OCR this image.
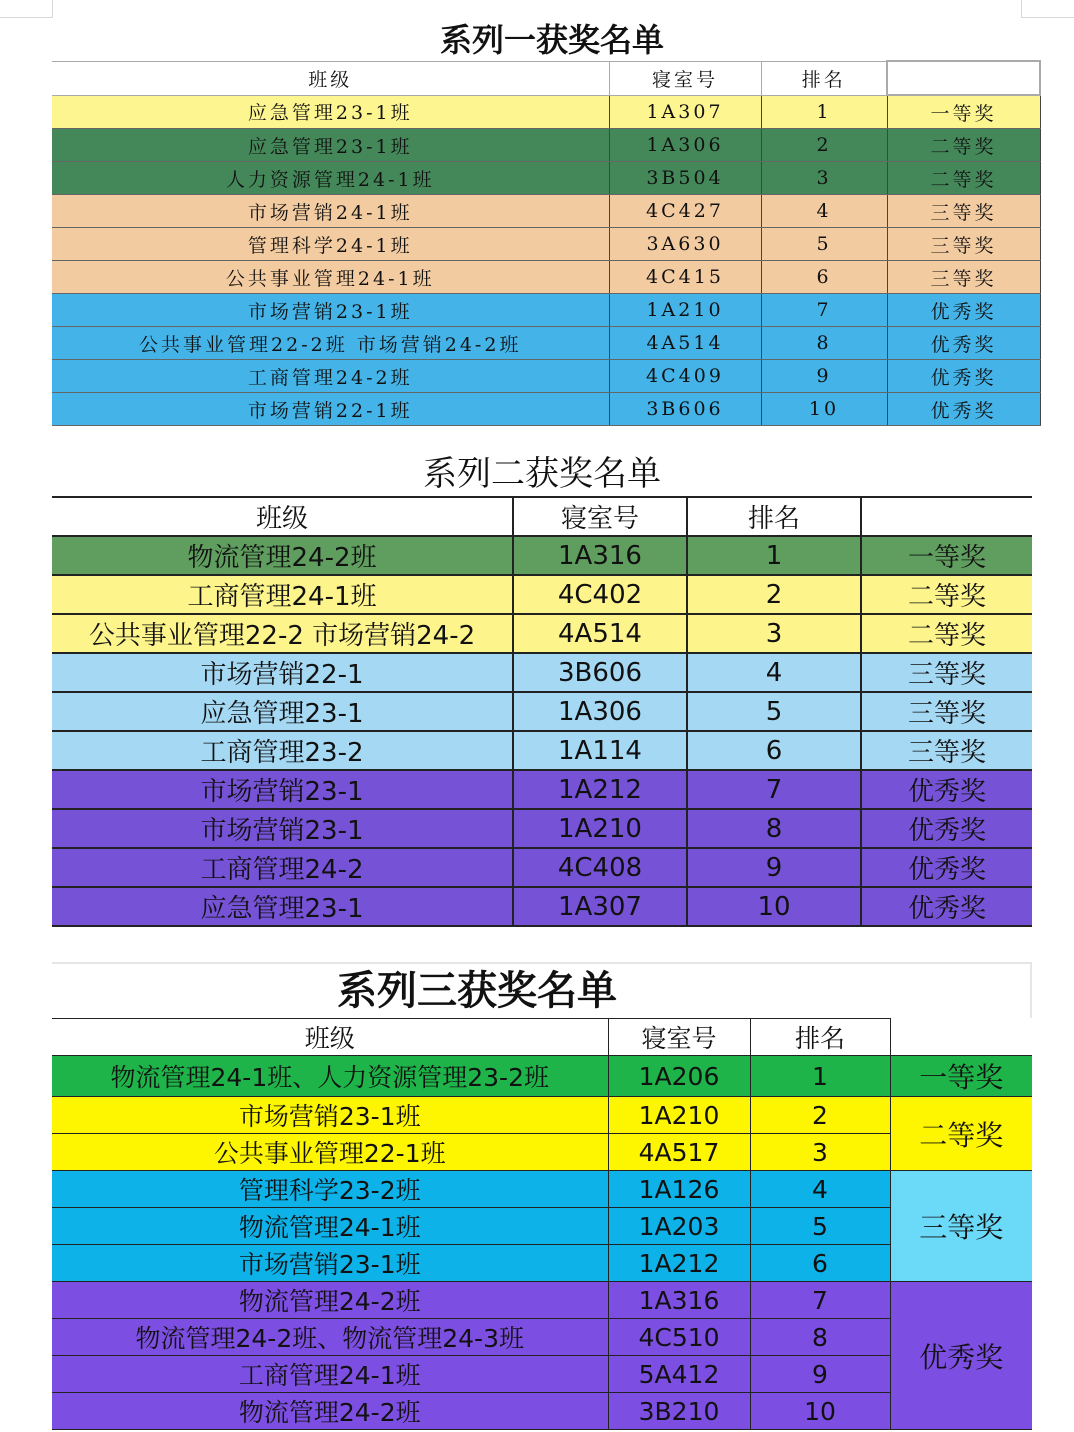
系列一获奖名单
班级	寝室号	排名	
应急管理23-1班	1A307	1	一等奖
应急管理23-1班	1A306	2	二等奖
人力资源管理24-1班	3B504	3	二等奖
市场营销24-1班	4C427	4	三等奖
管理科学24-1班	3A630	5	三等奖
公共事业管理24-1班	4C415	6	三等奖
市场营销23-1班	1A210	7	优秀奖
公共事业管理22-2班 市场营销24-2班	4A514	8	优秀奖
工商管理24-2班	4C409	9	优秀奖
市场营销22-1班	3B606	10	优秀奖
系列二获奖名单
班级	寝室号	排名	
物流管理24-2班	1A316	1	一等奖
工商管理24-1班	4C402	2	二等奖
公共事业管理22-2 市场营销24-2	4A514	3	二等奖
市场营销22-1	3B606	4	三等奖
应急管理23-1	1A306	5	三等奖
工商管理23-2	1A114	6	三等奖
市场营销23-1	1A212	7	优秀奖
市场营销23-1	1A210	8	优秀奖
工商管理24-2	4C408	9	优秀奖
应急管理23-1	1A307	10	优秀奖
系列三获奖名单
班级	寝室号	排名	
物流管理24-1班、人力资源管理23-2班	1A206	1	一等奖
市场营销23-1班	1A210	2	二等奖
公共事业管理22-1班	4A517	3	
管理科学23-2班	1A126	4	三等奖
物流管理24-1班	1A203	5	
市场营销23-1班	1A212	6	
物流管理24-2班	1A316	7	优秀奖
物流管理24-2班、物流管理24-3班	4C510	8	
工商管理24-1班	5A412	9	
物流管理24-2班	3B210	10	
